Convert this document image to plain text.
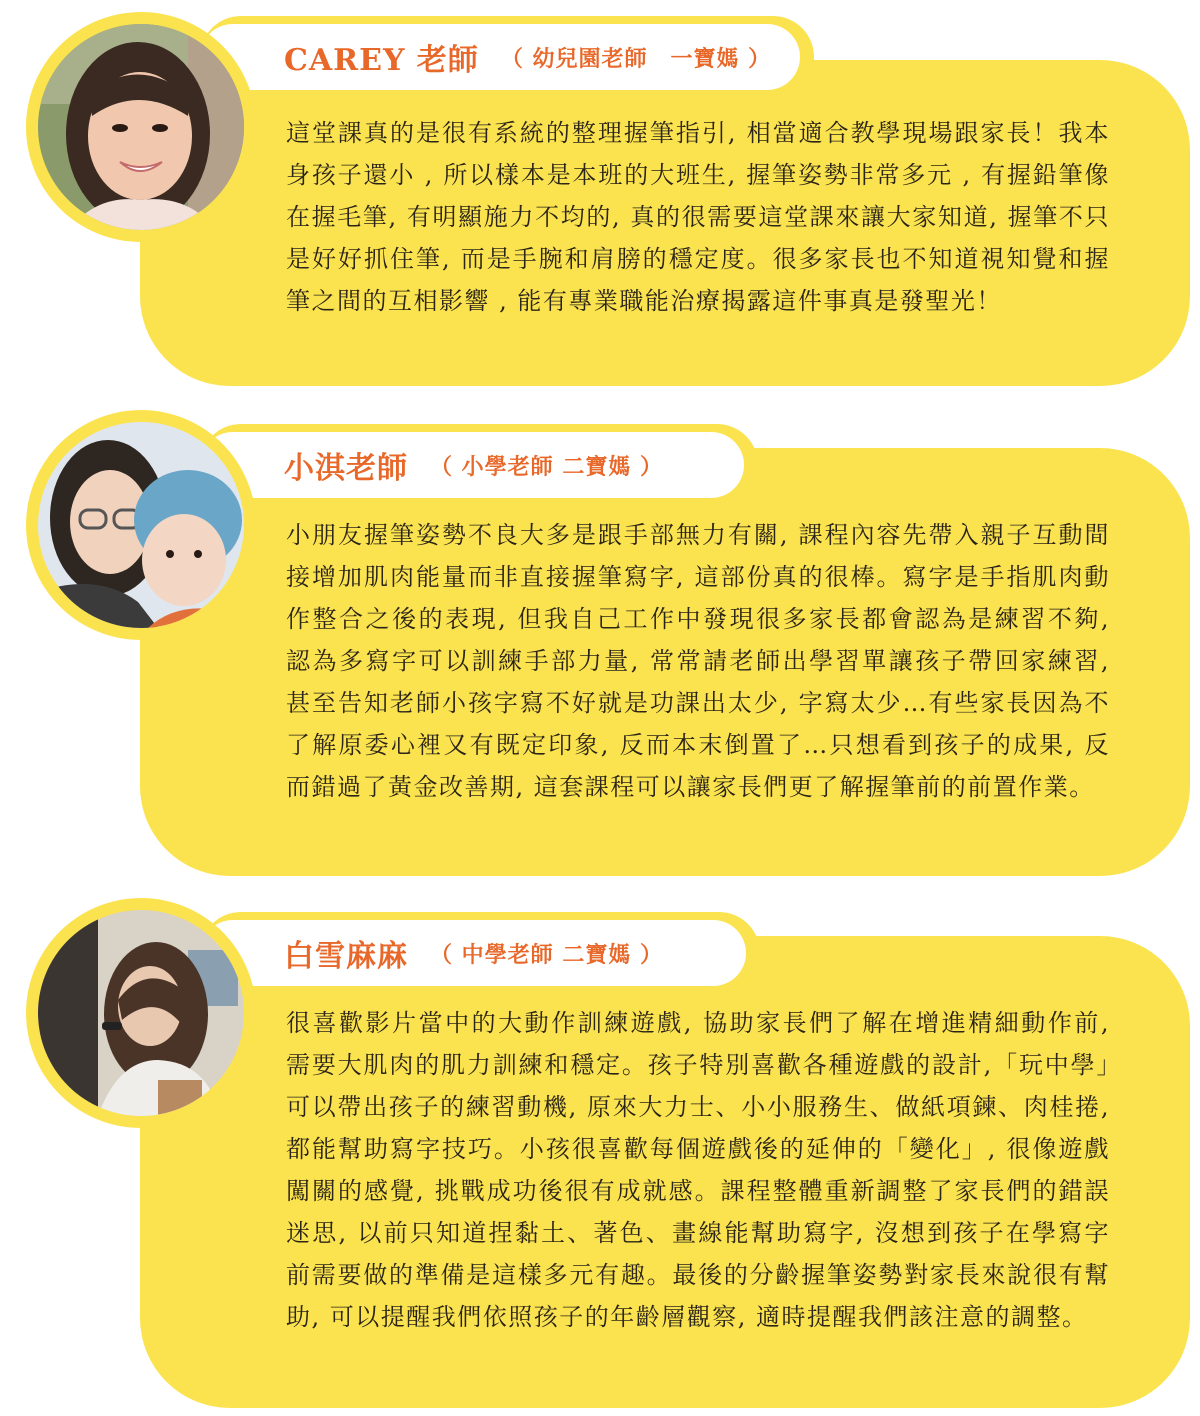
這堂課真的是很有系統的整理握筆指引, 相當適合教學現場跟家長！我本身孩子還小 , 所以樣本是本班的大班生, 握筆姿勢非常多元 , 有握鉛筆像在握毛筆, 有明顯施力不均的, 真的很需要這堂課來讓大家知道, 握筆不只是好好抓住筆, 而是手腕和肩膀的穩定度。很多家長也不知道視知覺和握筆之間的互相影響 , 能有專業職能治療揭露這件事真是發聖光！
CAREY 老師 （ 幼兒園老師　一寶媽 ）
小朋友握筆姿勢不良大多是跟手部無力有關, 課程內容先帶入親子互動間接增加肌肉能量而非直接握筆寫字, 這部份真的很棒。寫字是手指肌肉動作整合之後的表現, 但我自己工作中發現很多家長都會認為是練習不夠, 認為多寫字可以訓練手部力量, 常常請老師出學習單讓孩子帶回家練習, 甚至告知老師小孩字寫不好就是功課出太少, 字寫太少…有些家長因為不了解原委心裡又有既定印象, 反而本末倒置了…只想看到孩子的成果, 反而錯過了黃金改善期, 這套課程可以讓家長們更了解握筆前的前置作業。
小淇老師 （ 小學老師 二寶媽 ）
很喜歡影片當中的大動作訓練遊戲, 協助家長們了解在增進精細動作前, 需要大肌肉的肌力訓練和穩定。孩子特別喜歡各種遊戲的設計,「玩中學」可以帶出孩子的練習動機, 原來大力士、小小服務生、做紙項鍊、肉桂捲, 都能幫助寫字技巧。小孩很喜歡每個遊戲後的延伸的「變化」, 很像遊戲闖關的感覺, 挑戰成功後很有成就感。課程整體重新調整了家長們的錯誤迷思, 以前只知道捏黏土、著色、畫線能幫助寫字, 沒想到孩子在學寫字前需要做的準備是這樣多元有趣。最後的分齡握筆姿勢對家長來說很有幫助, 可以提醒我們依照孩子的年齡層觀察, 適時提醒我們該注意的調整。
白雪麻麻 （ 中學老師 二寶媽 ）
